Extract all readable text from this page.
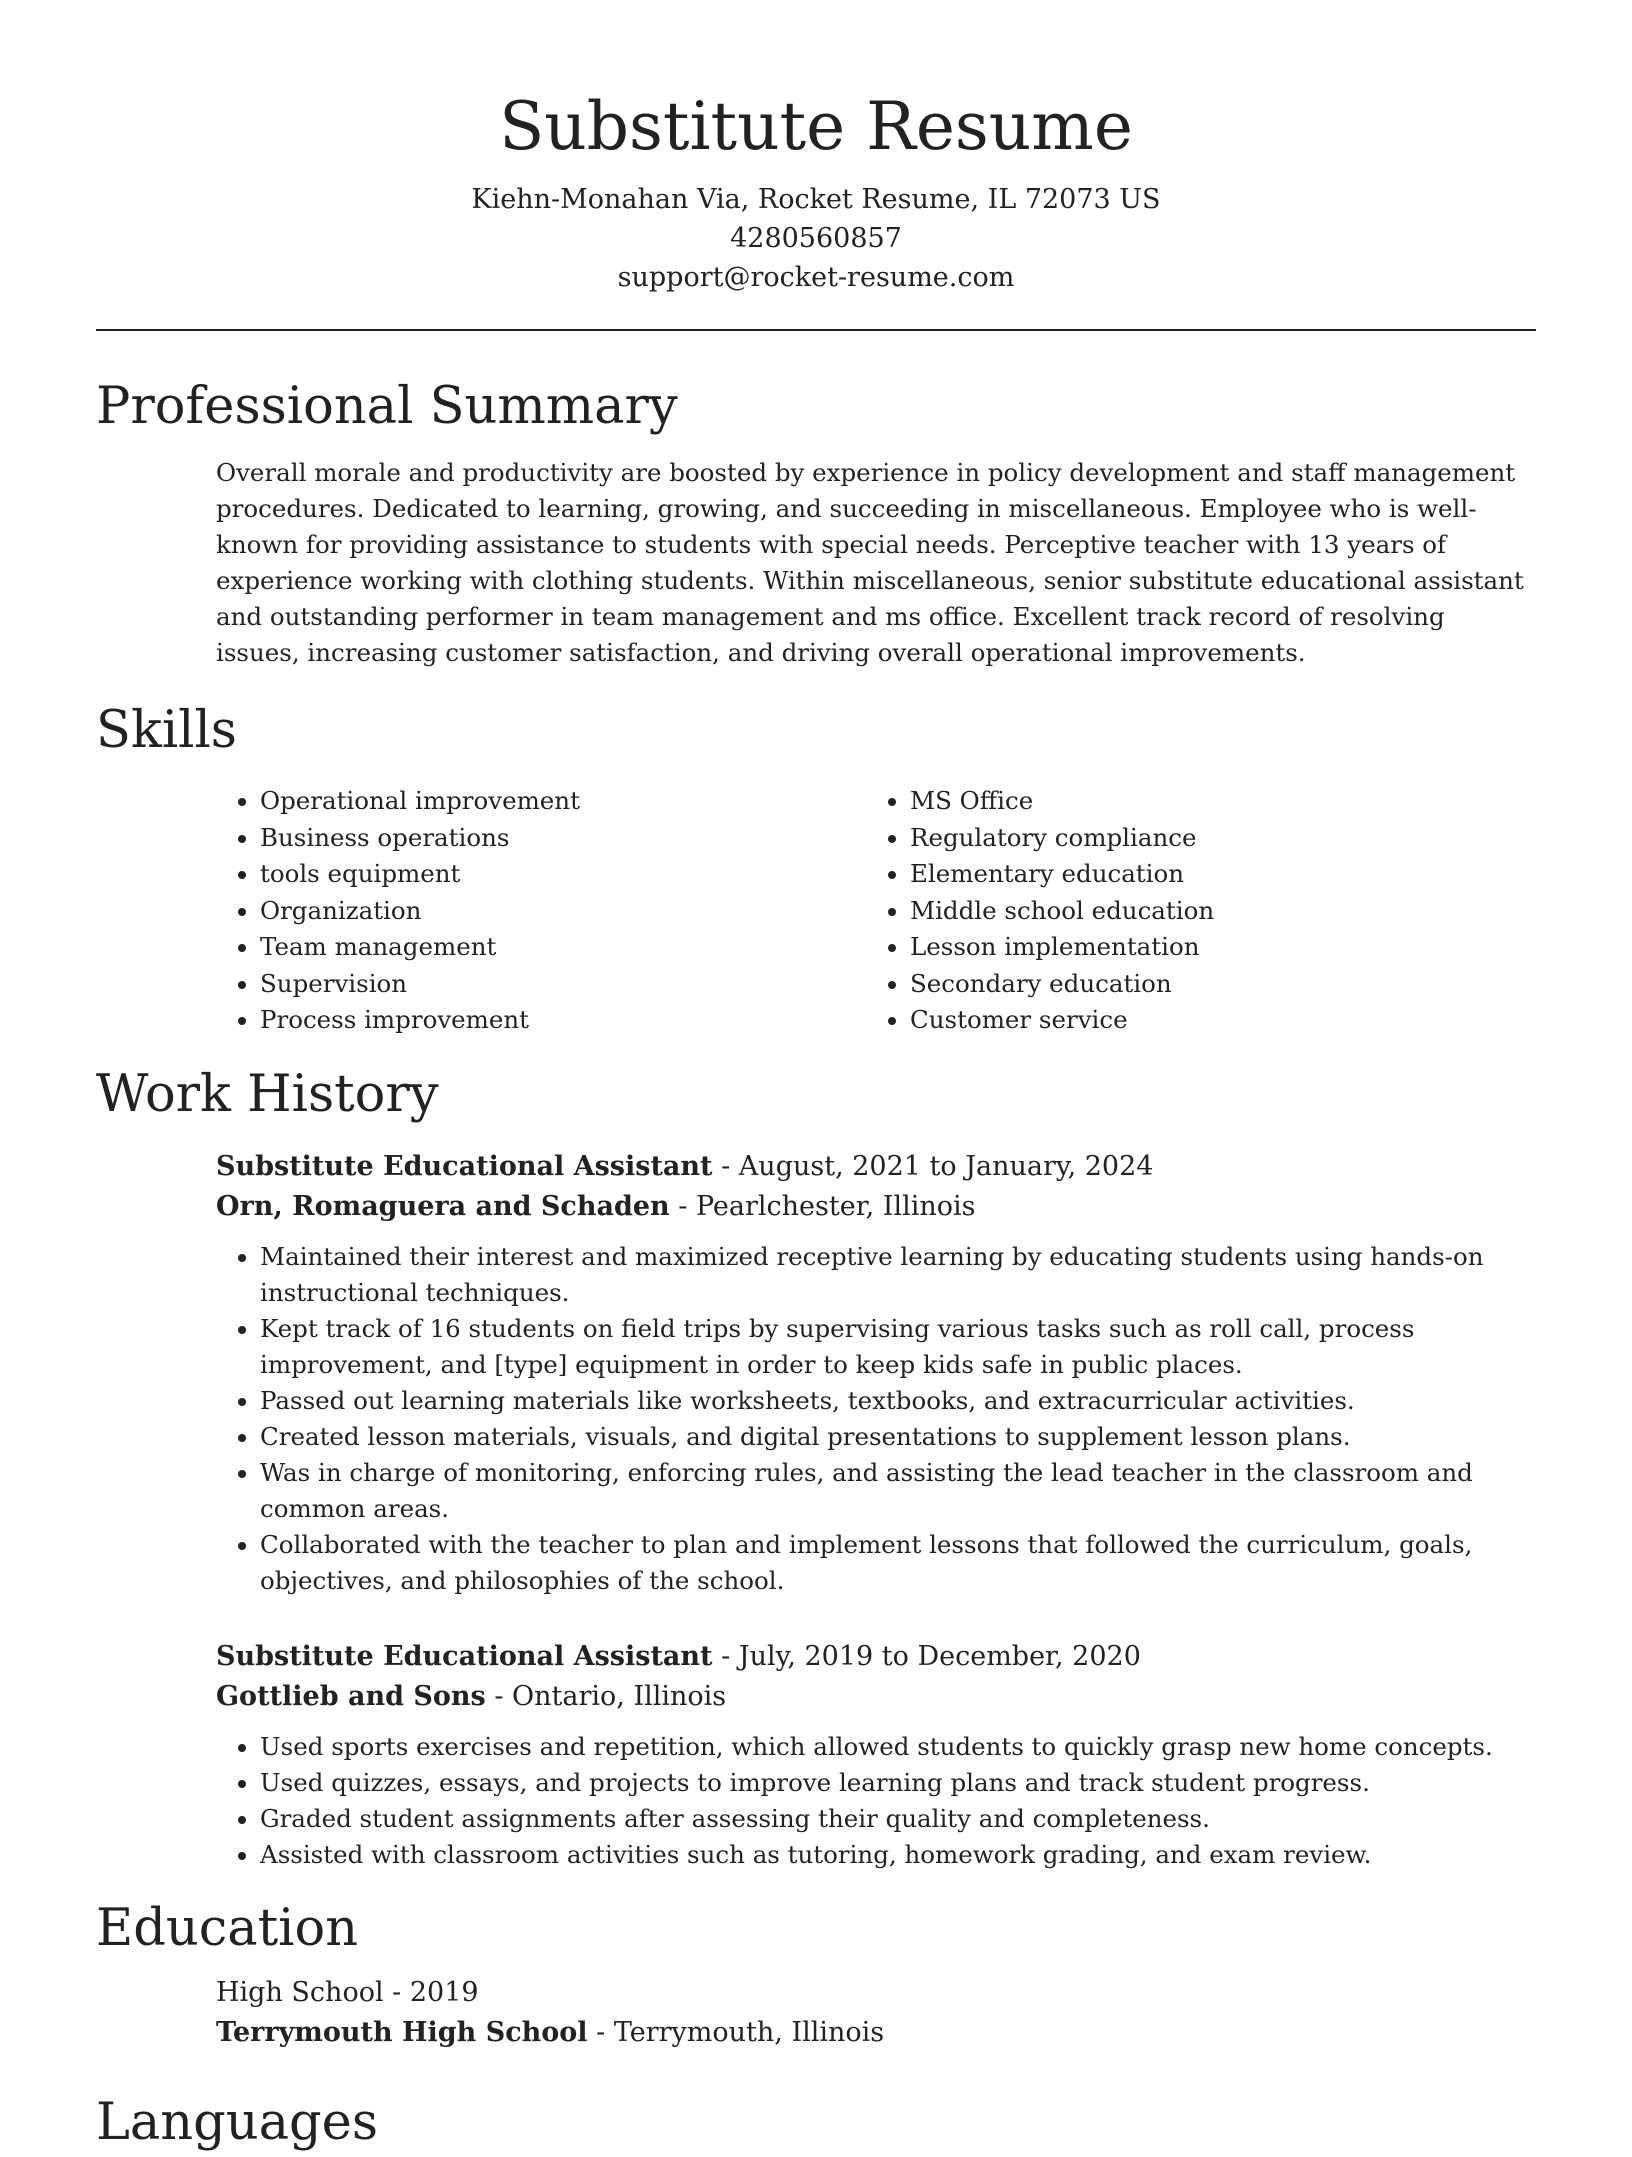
Substitute Resume
Kiehn-Monahan Via, Rocket Resume, IL 72073 US
4280560857
support@rocket-resume.com
Professional Summary

Overall morale and productivity are boosted by experience in policy development and staff management procedures. Dedicated to learning, growing, and succeeding in miscellaneous. Employee who is well-known for providing assistance to students with special needs. Perceptive teacher with 13 years of experience working with clothing students. Within miscellaneous, senior substitute educational assistant and outstanding performer in team management and ms office. Excellent track record of resolving issues, increasing customer satisfaction, and driving overall operational improvements.

Skills
• Operational improvement
• Business operations
• tools equipment
• Organization
• Team management
• Supervision
• Process improvement
• MS Office
• Regulatory compliance
• Elementary education
• Middle school education
• Lesson implementation
• Secondary education
• Customer service
Work History
Substitute Educational Assistant - August, 2021 to January, 2024
Orn, Romaguera and Schaden - Pearlchester, Illinois
• Maintained their interest and maximized receptive learning by educating students using hands-on instructional techniques.
• Kept track of 16 students on field trips by supervising various tasks such as roll call, process improvement, and [type] equipment in order to keep kids safe in public places.
• Passed out learning materials like worksheets, textbooks, and extracurricular activities.
• Created lesson materials, visuals, and digital presentations to supplement lesson plans.
• Was in charge of monitoring, enforcing rules, and assisting the lead teacher in the classroom and common areas.
• Collaborated with the teacher to plan and implement lessons that followed the curriculum, goals, objectives, and philosophies of the school.
Substitute Educational Assistant - July, 2019 to December, 2020
Gottlieb and Sons - Ontario, Illinois
• Used sports exercises and repetition, which allowed students to quickly grasp new home concepts.
• Used quizzes, essays, and projects to improve learning plans and track student progress.
• Graded student assignments after assessing their quality and completeness.
• Assisted with classroom activities such as tutoring, homework grading, and exam review.
Education
High School - 2019
Terrymouth High School - Terrymouth, Illinois
Languages
